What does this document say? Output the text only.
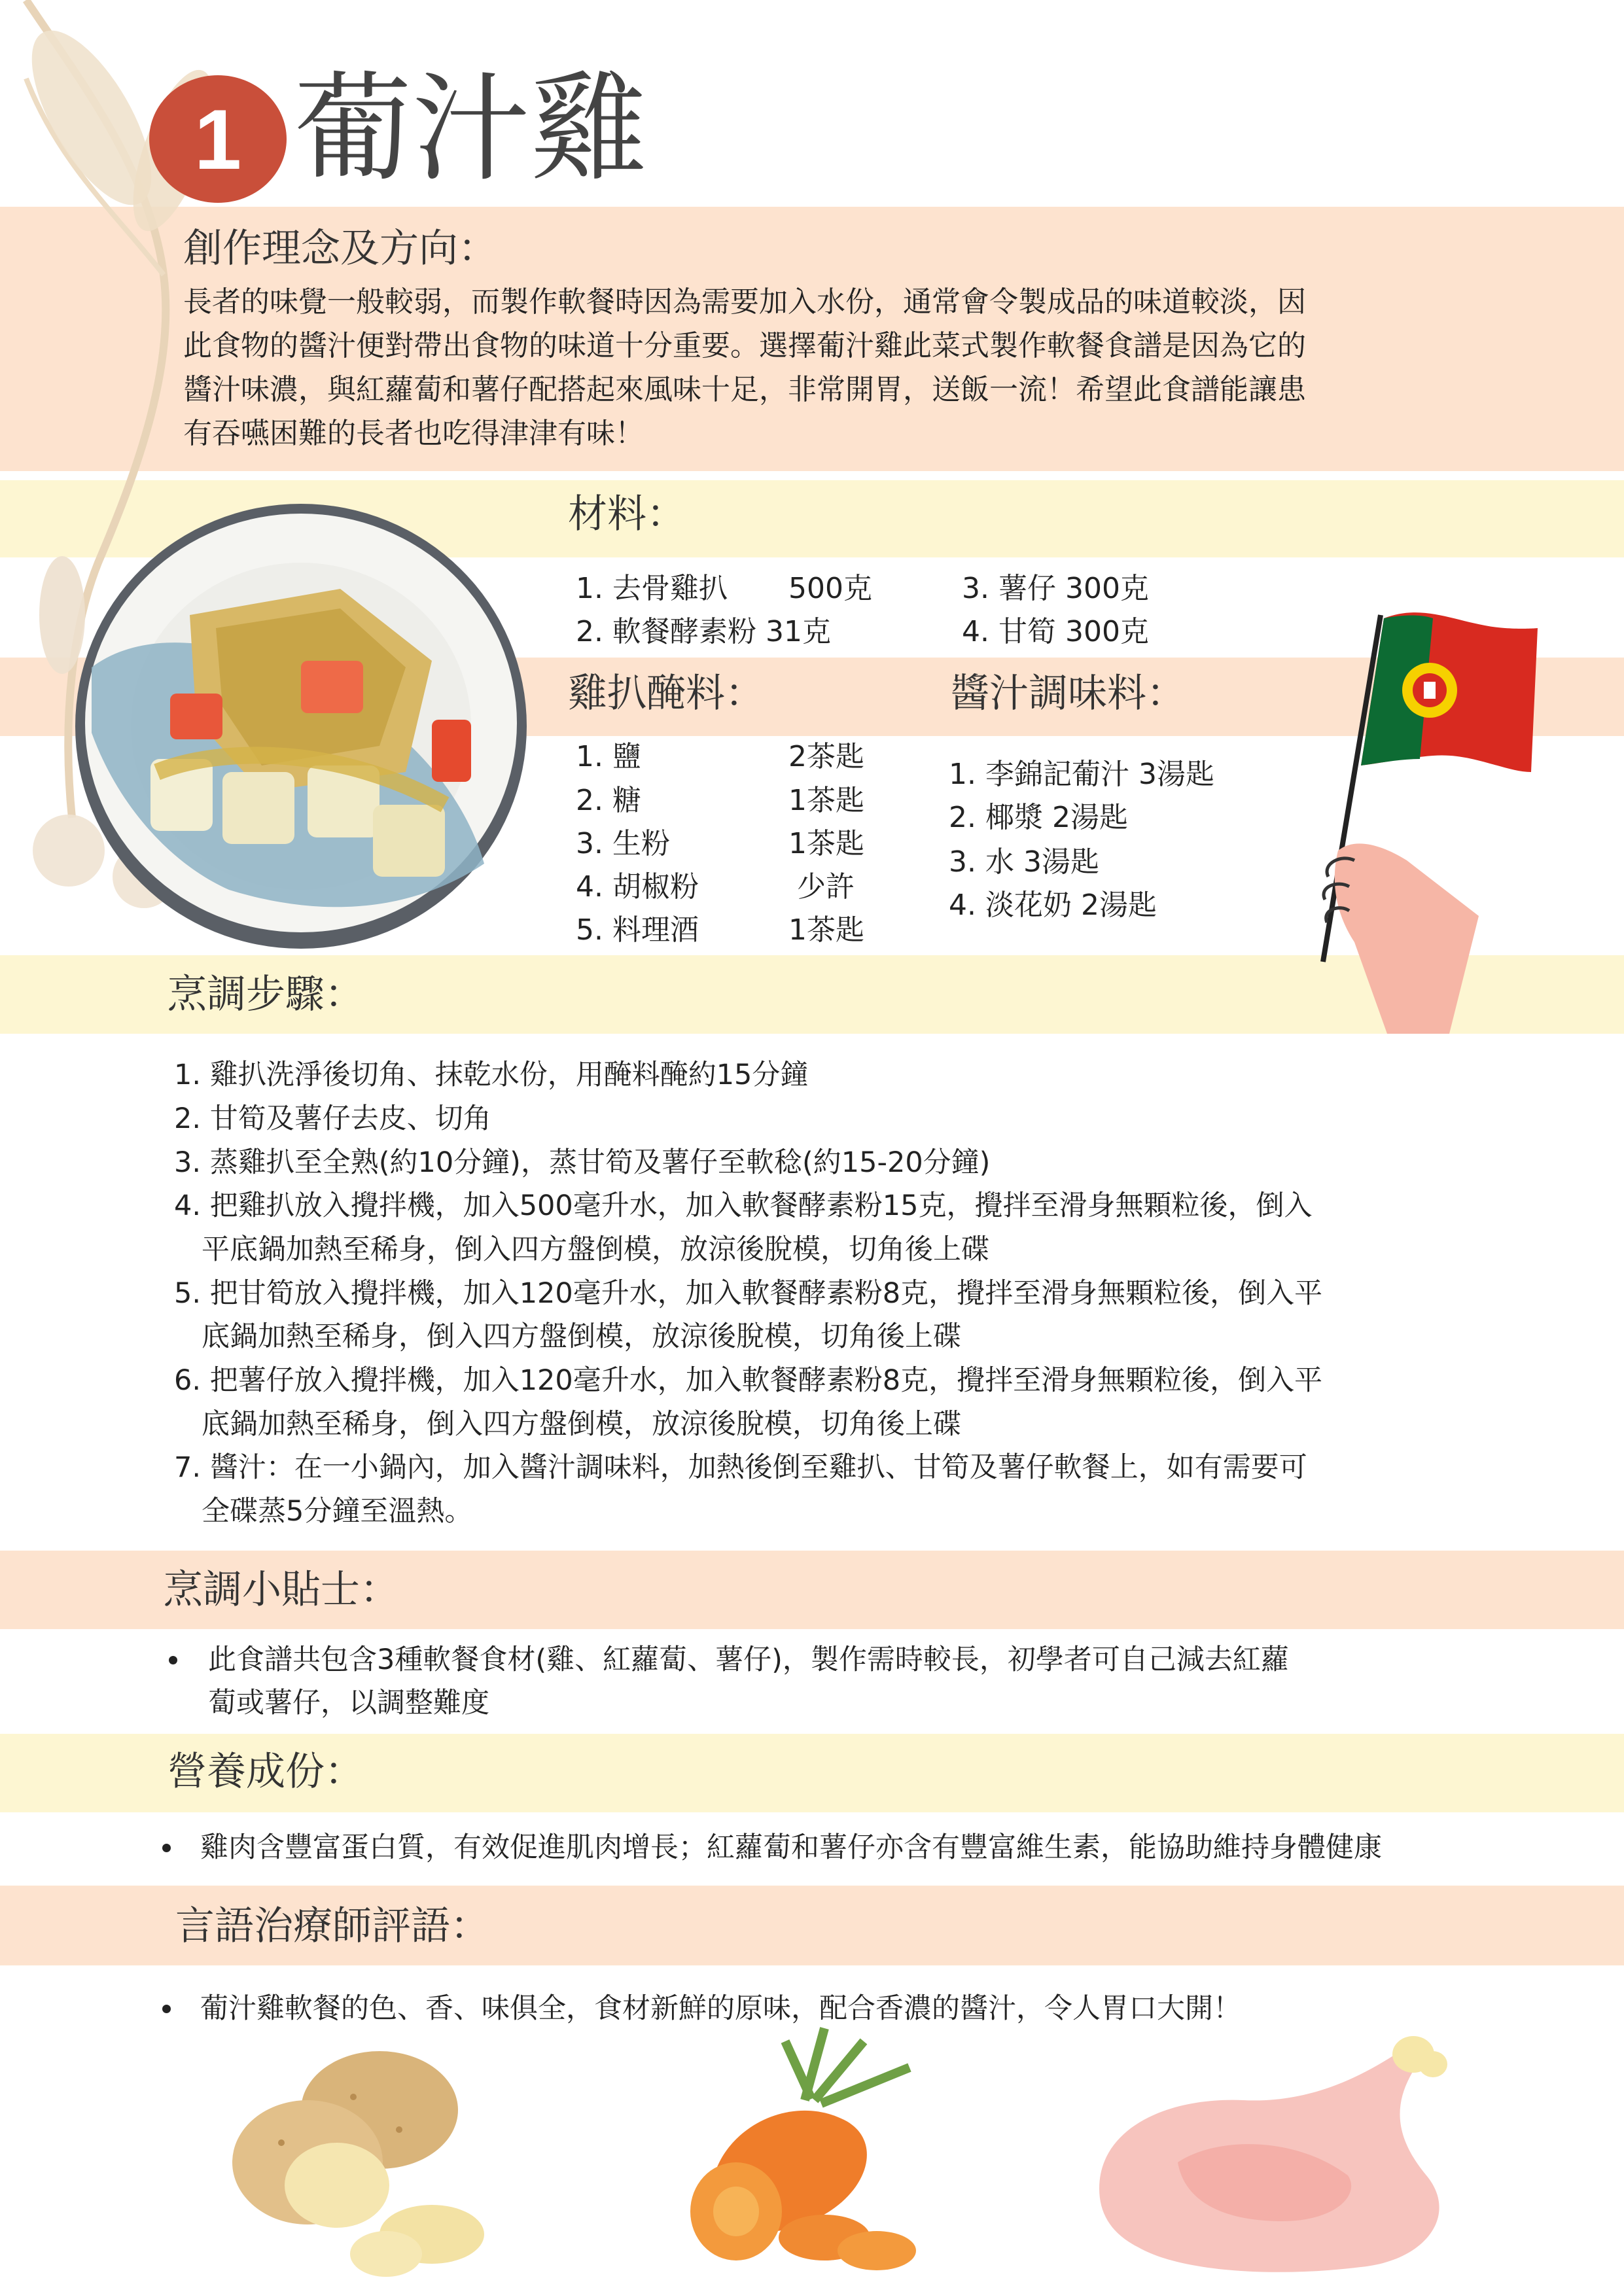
1 葡汁雞
創作理念及方向：
長者的味覺一般較弱，而製作軟餐時因為需要加入水份，通常會令製成品的味道較淡，因
此食物的醬汁便對帶出食物的味道十分重要。選擇葡汁雞此菜式製作軟餐食譜是因為它的
醬汁味濃，與紅蘿蔔和薯仔配搭起來風味十足，非常開胃，送飯一流！希望此食譜能讓患
有吞嚥困難的長者也吃得津津有味！
材料：
1. 去骨雞扒 500克
2. 軟餐酵素粉 31克
3. 薯仔 300克
4. 甘筍 300克
雞扒醃料：
1. 鹽	2茶匙
2. 糖	1茶匙
3. 生粉	1茶匙
4. 胡椒粉	少許
5. 料理酒	1茶匙
醬汁調味料：
1. 李錦記葡汁 3湯匙
2. 椰漿 2湯匙
3. 水 3湯匙
4. 淡花奶 2湯匙
烹調步驟：
1. 雞扒洗淨後切角、抹乾水份，用醃料醃約15分鐘
2. 甘筍及薯仔去皮、切角
3. 蒸雞扒至全熟(約10分鐘)，蒸甘筍及薯仔至軟稔(約15-20分鐘)
4. 把雞扒放入攪拌機，加入500毫升水，加入軟餐酵素粉15克，攪拌至滑身無顆粒後，倒入
平底鍋加熱至稀身，倒入四方盤倒模，放涼後脫模，切角後上碟
5. 把甘筍放入攪拌機，加入120毫升水，加入軟餐酵素粉8克，攪拌至滑身無顆粒後，倒入平
底鍋加熱至稀身，倒入四方盤倒模，放涼後脫模，切角後上碟
6. 把薯仔放入攪拌機，加入120毫升水，加入軟餐酵素粉8克，攪拌至滑身無顆粒後，倒入平
底鍋加熱至稀身，倒入四方盤倒模，放涼後脫模，切角後上碟
7. 醬汁：在一小鍋內，加入醬汁調味料，加熱後倒至雞扒、甘筍及薯仔軟餐上，如有需要可
全碟蒸5分鐘至溫熱。
烹調小貼士：
此食譜共包含3種軟餐食材(雞、紅蘿蔔、薯仔)，製作需時較長，初學者可自己減去紅蘿
蔔或薯仔，以調整難度
營養成份：
雞肉含豐富蛋白質，有效促進肌肉增長；紅蘿蔔和薯仔亦含有豐富維生素，能協助維持身體健康
言語治療師評語：
葡汁雞軟餐的色、香、味俱全，食材新鮮的原味，配合香濃的醬汁，令人胃口大開！
